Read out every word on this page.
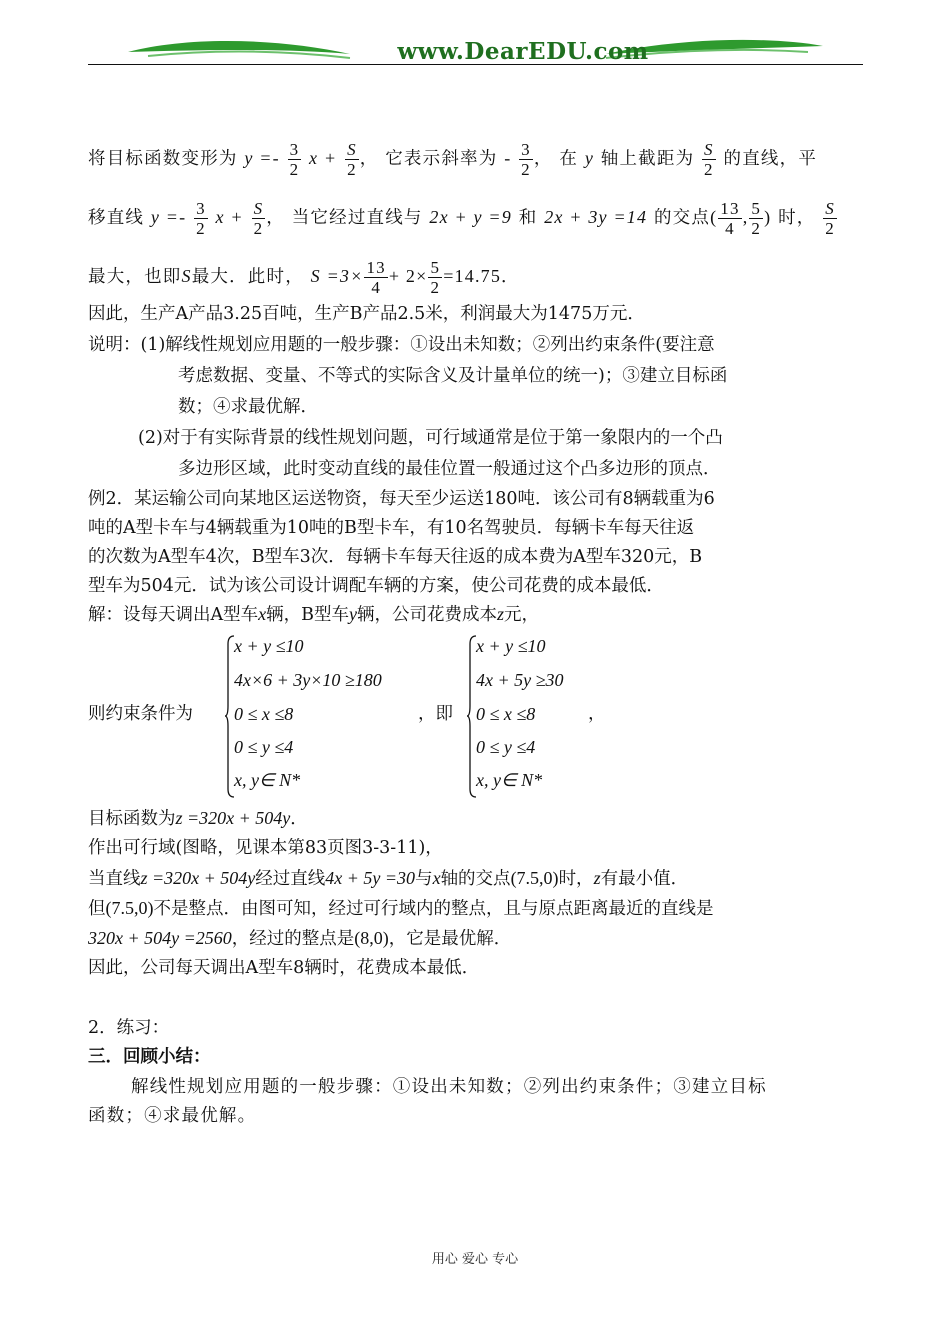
www.DearEDU.com
将目标函数变形为 $y =- \frac{3}{2}$ $x + \frac{S}{2}$ ， 它表示斜率为 - $\frac{3}{2}$ ， 在 y 轴上截距为 $\frac{S}{2}$ 的直线，平
移直线 $y =- \frac{3}{2}$ $x + \frac{S}{2}$ ， 当它经过直线与 2x + y =9 和 2x + 3y =14 的交点( $\frac{13}{4}$ , $\frac{5}{2}$ ) 时， $\frac{S}{2}$
最大，也即S最大．此时， $S =3\times \frac{13}{4} + 2\times \frac{5}{2} =14.75$．
因此，生产A产品3.25百吨，生产B产品2.5米，利润最大为1475万元．
说明：(1)解线性规划应用题的一般步骤：①设出未知数；②列出约束条件(要注意
考虑数据、变量、不等式的实际含义及计量单位的统一)；③建立目标函
数；④求最优解．
(2)对于有实际背景的线性规划问题，可行域通常是位于第一象限内的一个凸
多边形区域，此时变动直线的最佳位置一般通过这个凸多边形的顶点．
例2．某运输公司向某地区运送物资，每天至少运送180吨．该公司有8辆载重为6
吨的A型卡车与4辆载重为10吨的B型卡车，有10名驾驶员．每辆卡车每天往返
的次数为A型车4次，B型车3次．每辆卡车每天往返的成本费为A型车320元，B
型车为504元．试为该公司设计调配车辆的方案，使公司花费的成本最低．
解：设每天调出A型车x辆，B型车y辆，公司花费成本z元，
则约束条件为
x + y ≤10
4x×6 + 3y×10 ≥180
0 ≤ x ≤8
0 ≤ y ≤4
x, y∈ N*
，即
x + y ≤10
4x + 5y ≥30
0 ≤ x ≤8
0 ≤ y ≤4
x, y∈ N*
，
目标函数为z =320x + 504y．
作出可行域(图略，见课本第83页图3-3-11)，
当直线z =320x + 504y经过直线4x + 5y =30与x轴的交点(7.5,0)时，z有最小值．
但(7.5,0)不是整点．由图可知，经过可行域内的整点，且与原点距离最近的直线是
320x + 504y =2560，经过的整点是(8,0)，它是最优解．
因此，公司每天调出A型车8辆时，花费成本最低．
2．练习：
三．回顾小结：
解线性规划应用题的一般步骤：①设出未知数；②列出约束条件；③建立目标
函数；④求最优解。
用心 爱心 专心
